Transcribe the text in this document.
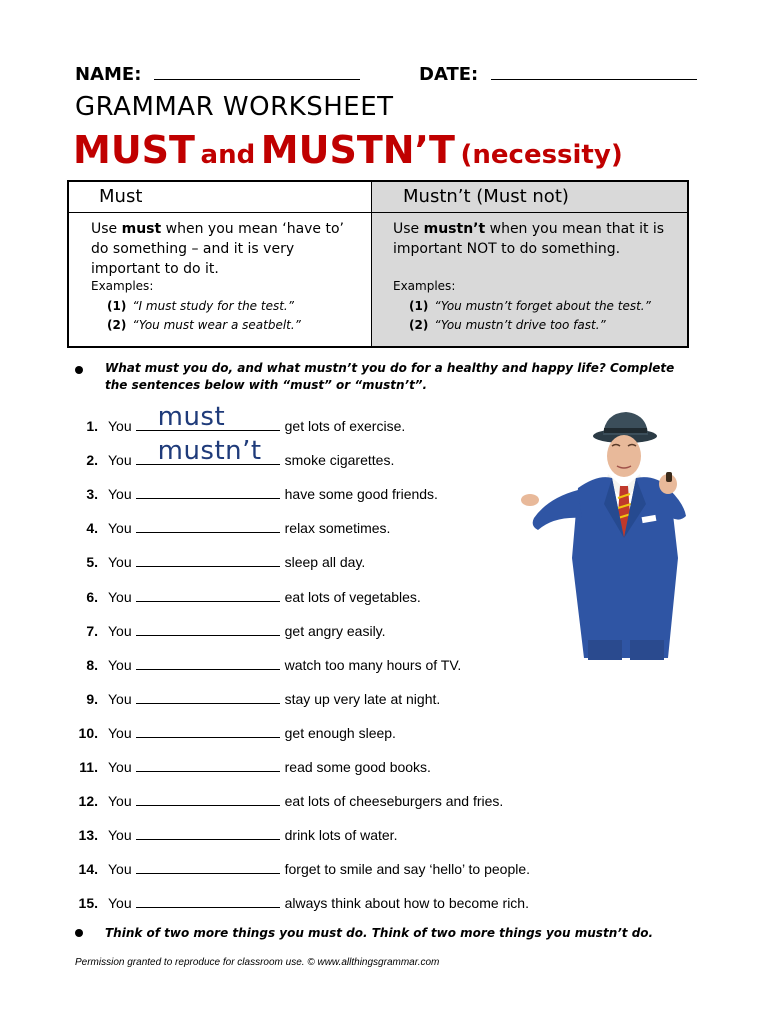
NAME:	DATE:
GRAMMAR WORKSHEET
MUST and MUSTN’T (necessity)
Must	Mustn’t (Must not)
Use must when you mean ‘have to’ do something – and it is very important to do it.
Examples:
(1) “I must study for the test.”
(2) “You must wear a seatbelt.”
Use mustn’t when you mean that it is important NOT to do something.
Examples:
(1) “You mustn’t forget about the test.”
(2) “You mustn’t drive too fast.”
What must you do, and what mustn’t you do for a healthy and happy life? Complete the sentences below with “must” or “mustn’t”.
1. You must	get lots of exercise.
2. You mustn’t smoke cigarettes.
3. You	have some good friends.
4. You	relax sometimes.
5. You	sleep all day.
6. You	eat lots of vegetables.
7. You	get angry easily.
8. You	watch too many hours of TV.
9. You	stay up very late at night.
10. You	get enough sleep.
11. You	read some good books.
12. You	eat lots of cheeseburgers and fries.
13. You	drink lots of water.
14. You	forget to smile and say ‘hello’ to people.
15. You	always think about how to become rich.
Think of two more things you must do. Think of two more things you mustn’t do.
Permission granted to reproduce for classroom use. © www.allthingsgrammar.com
